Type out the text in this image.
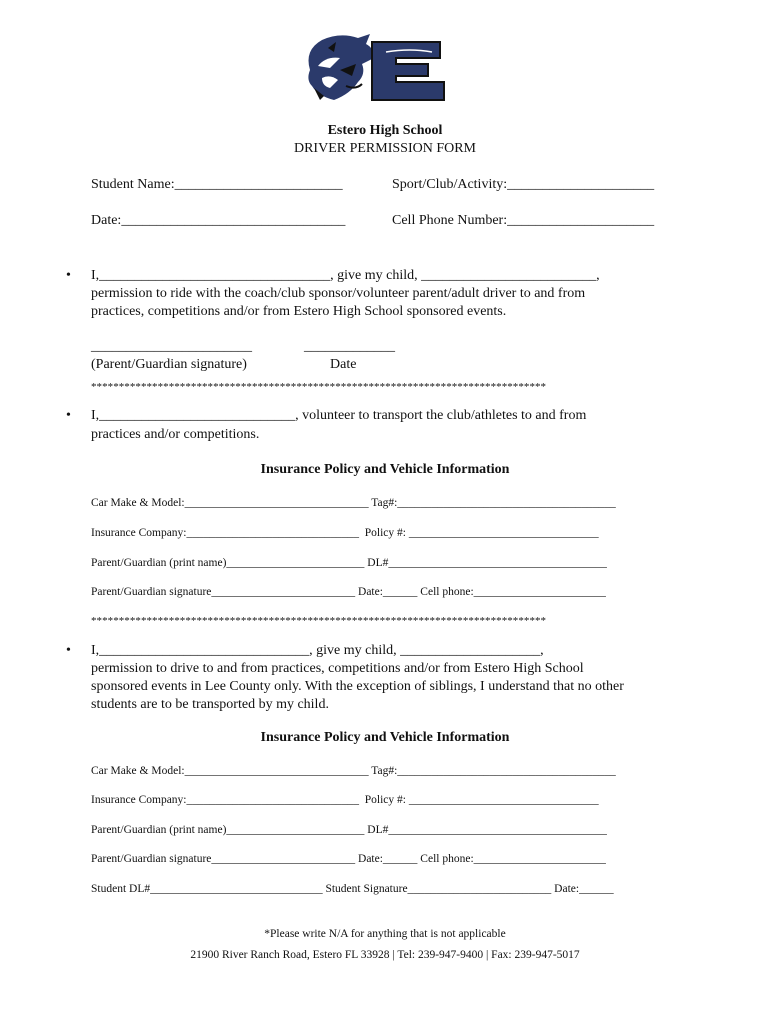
Estero High School
DRIVER PERMISSION FORM
Student Name:________________________	Sport/Club/Activity:_____________________
Date:________________________________	Cell Phone Number:_____________________
• I,_________________________________, give my child, _________________________,
permission to ride with the coach/club sponsor/volunteer parent/adult driver to and from
practices, competitions and/or from Estero High School sponsored events.
_______________________	_____________
(Parent/Guardian signature)	Date
**********************************************************************************
• I,____________________________, volunteer to transport the club/athletes to and from
practices and/or competitions.
Insurance Policy and Vehicle Information
Car Make & Model:________________________________ Tag#:______________________________________
Insurance Company:______________________________  Policy #: _________________________________
Parent/Guardian (print name)________________________ DL#______________________________________
Parent/Guardian signature_________________________ Date:______ Cell phone:_______________________
**********************************************************************************
• I,______________________________, give my child, ____________________,
permission to drive to and from practices, competitions and/or from Estero High School
sponsored events in Lee County only. With the exception of siblings, I understand that no other
students are to be transported by my child.
Insurance Policy and Vehicle Information
Car Make & Model:________________________________ Tag#:______________________________________
Insurance Company:______________________________  Policy #: _________________________________
Parent/Guardian (print name)________________________ DL#______________________________________
Parent/Guardian signature_________________________ Date:______ Cell phone:_______________________
Student DL#______________________________ Student Signature_________________________ Date:______
*Please write N/A for anything that is not applicable
21900 River Ranch Road, Estero FL 33928 | Tel: 239-947-9400 | Fax: 239-947-5017
